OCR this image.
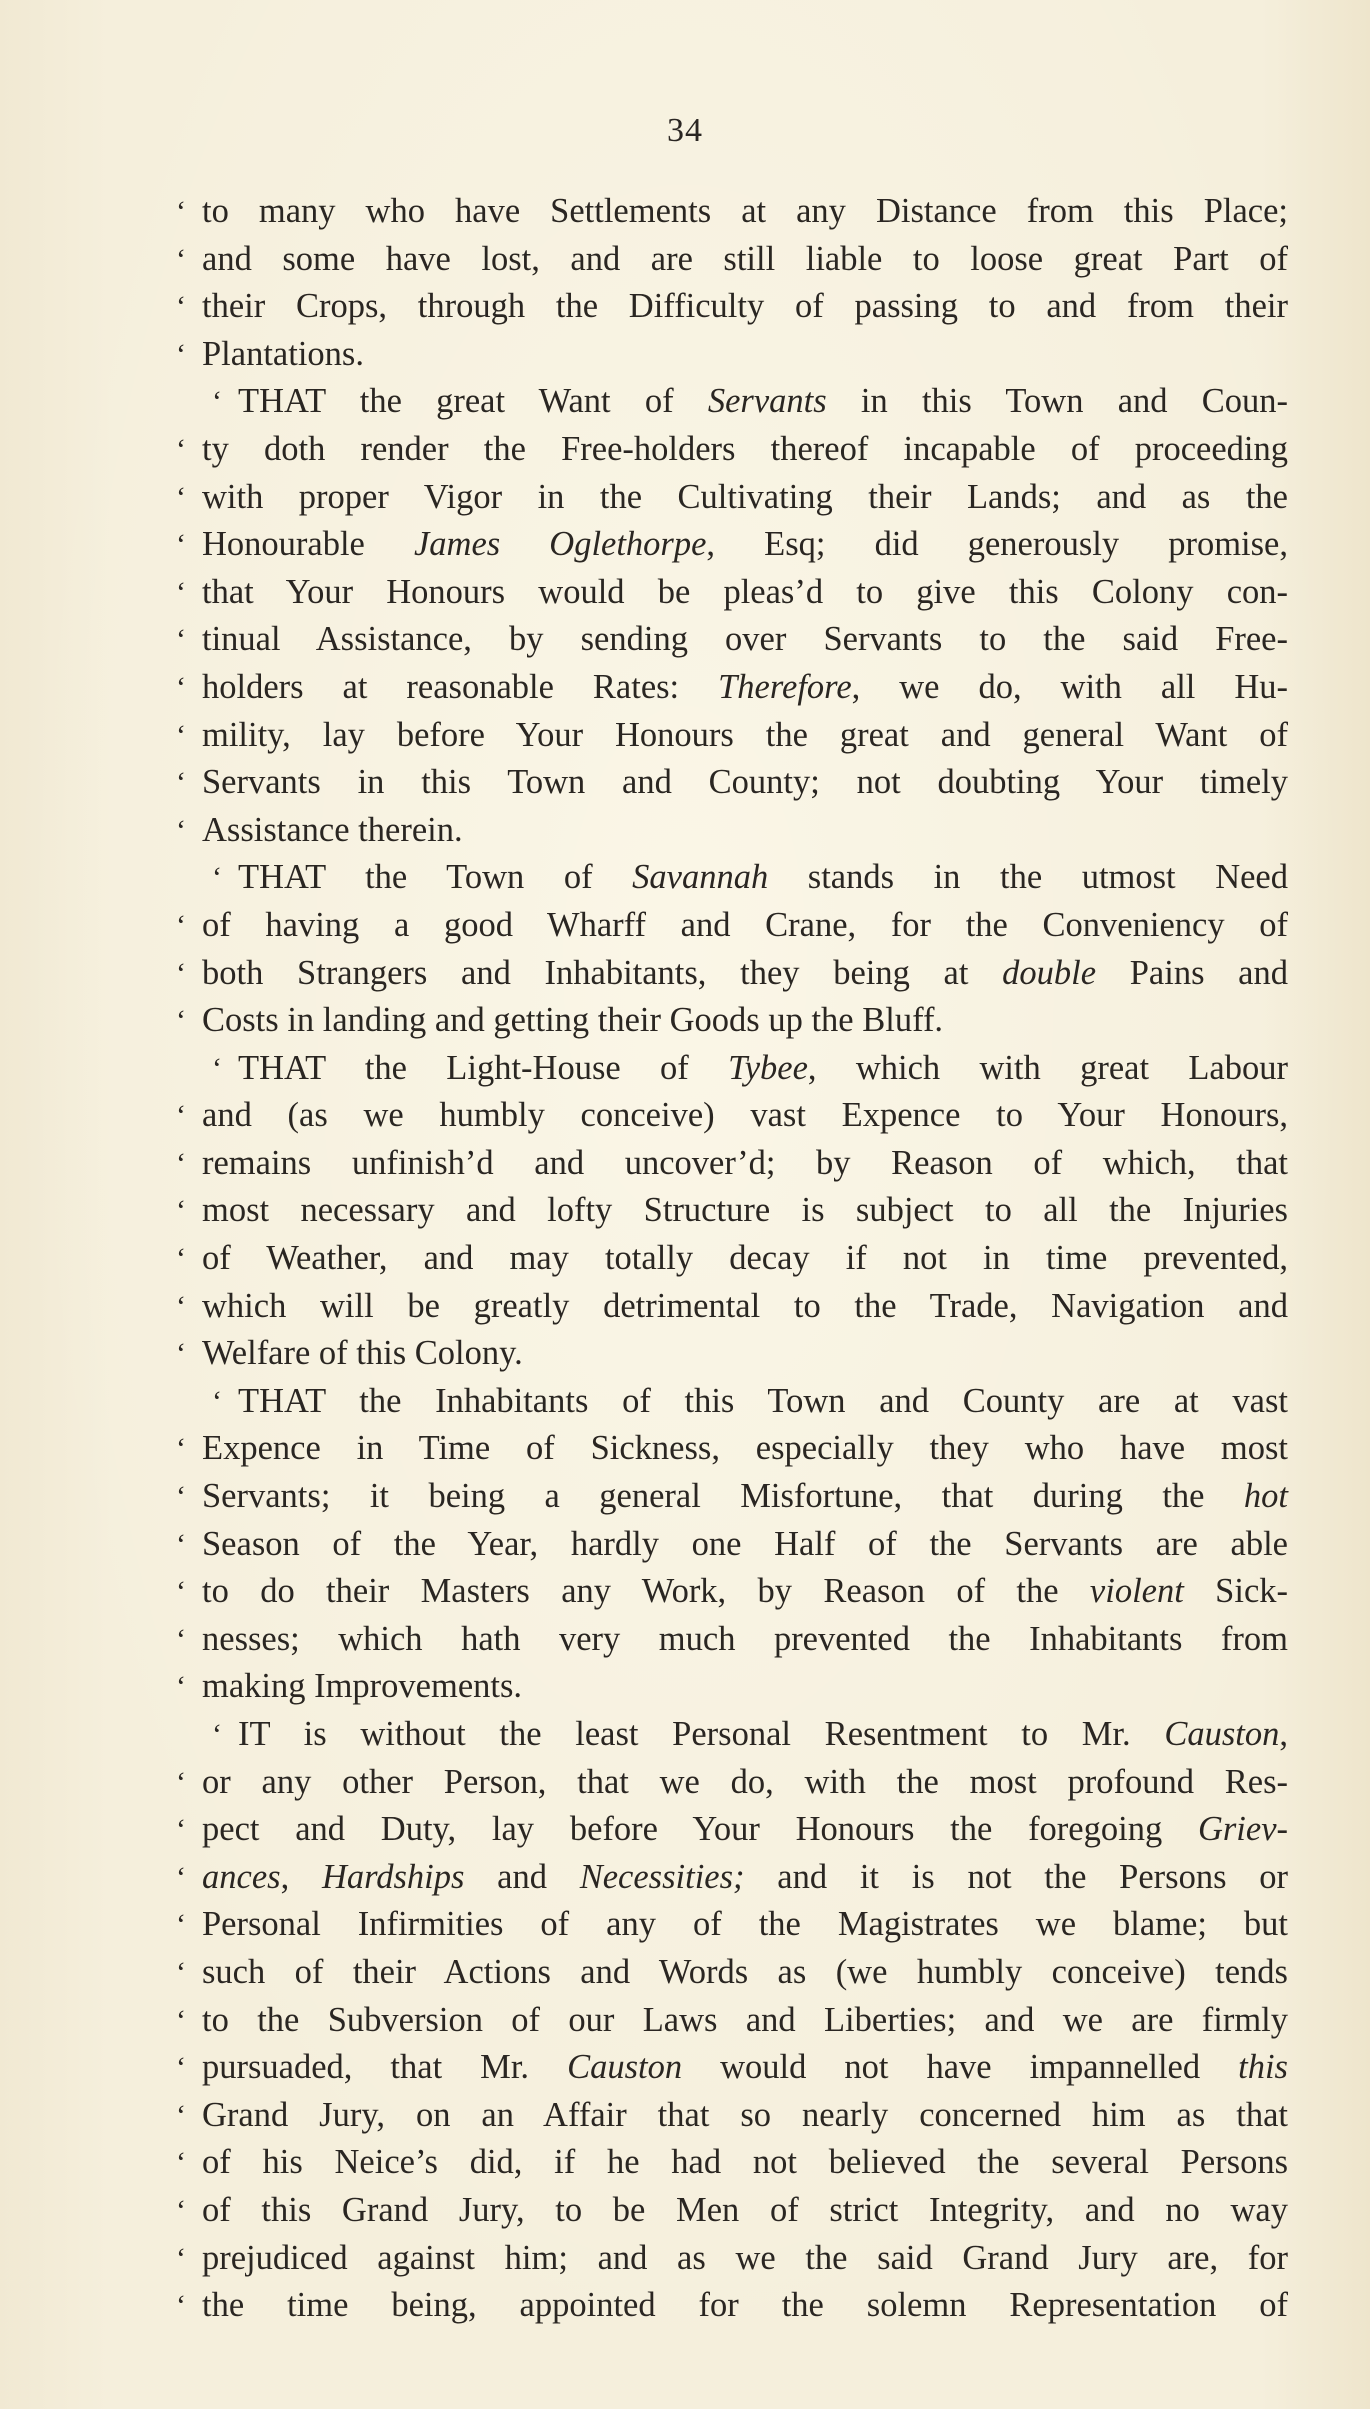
34
‘ to many who have Settlements at any Distance from this Place;
‘ and some have lost, and are still liable to loose great Part of
‘ their Crops, through the Difficulty of passing to and from their
‘ Plantations.
‘ THAT the great Want of Servants in this Town and Coun-
‘ ty doth render the Free-holders thereof incapable of proceeding
‘ with proper Vigor in the Cultivating their Lands; and as the
‘ Honourable James Oglethorpe, Esq; did generously promise,
‘ that Your Honours would be pleas’d to give this Colony con-
‘ tinual Assistance, by sending over Servants to the said Free-
‘ holders at reasonable Rates: Therefore, we do, with all Hu-
‘ mility, lay before Your Honours the great and general Want of
‘ Servants in this Town and County; not doubting Your timely
‘ Assistance therein.
‘ THAT the Town of Savannah stands in the utmost Need
‘ of having a good Wharff and Crane, for the Conveniency of
‘ both Strangers and Inhabitants, they being at double Pains and
‘ Costs in landing and getting their Goods up the Bluff.
‘ THAT the Light-House of Tybee, which with great Labour
‘ and (as we humbly conceive) vast Expence to Your Honours,
‘ remains unfinish’d and uncover’d; by Reason of which, that
‘ most necessary and lofty Structure is subject to all the Injuries
‘ of Weather, and may totally decay if not in time prevented,
‘ which will be greatly detrimental to the Trade, Navigation and
‘ Welfare of this Colony.
‘ THAT the Inhabitants of this Town and County are at vast
‘ Expence in Time of Sickness, especially they who have most
‘ Servants; it being a general Misfortune, that during the hot
‘ Season of the Year, hardly one Half of the Servants are able
‘ to do their Masters any Work, by Reason of the violent Sick-
‘ nesses; which hath very much prevented the Inhabitants from
‘ making Improvements.
‘ IT is without the least Personal Resentment to Mr. Causton,
‘ or any other Person, that we do, with the most profound Res-
‘ pect and Duty, lay before Your Honours the foregoing Griev-
‘ ances, Hardships and Necessities; and it is not the Persons or
‘ Personal Infirmities of any of the Magistrates we blame; but
‘ such of their Actions and Words as (we humbly conceive) tends
‘ to the Subversion of our Laws and Liberties; and we are firmly
‘ pursuaded, that Mr. Causton would not have impannelled this
‘ Grand Jury, on an Affair that so nearly concerned him as that
‘ of his Neice’s did, if he had not believed the several Persons
‘ of this Grand Jury, to be Men of strict Integrity, and no way
‘ prejudiced against him; and as we the said Grand Jury are, for
‘ the time being, appointed for the solemn Representation of
